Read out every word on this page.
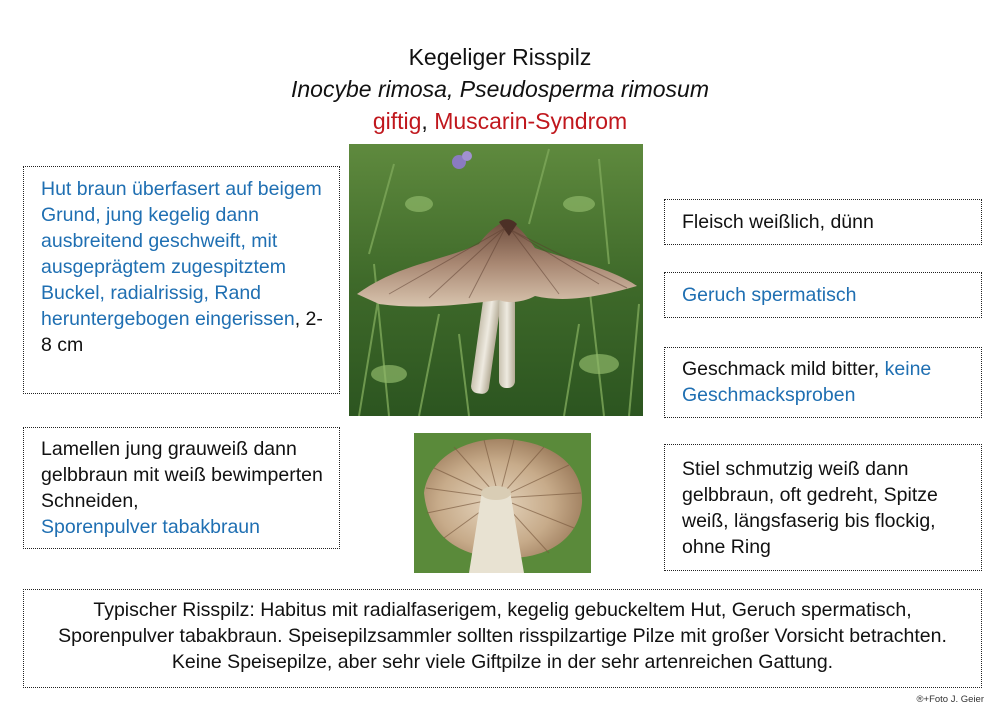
Kegeliger Risspilz
Inocybe rimosa, Pseudosperma rimosum
giftig, Muscarin-Syndrom
Hut braun überfasert auf beigem Grund, jung kegelig dann ausbreitend geschweift, mit ausgeprägtem zugespitztem Buckel, radialrissig, Rand heruntergebogen eingerissen, 2-8 cm
Lamellen jung grauweiß dann gelbbraun mit weiß bewimperten Schneiden,
Sporenpulver tabakbraun
Fleisch weißlich, dünn
Geruch spermatisch
Geschmack mild bitter, keine Geschmacksproben
Stiel schmutzig weiß dann gelbbraun, oft gedreht, Spitze weiß, längsfaserig bis flockig, ohne Ring
Typischer Risspilz: Habitus mit radialfaserigem, kegelig gebuckeltem Hut, Geruch spermatisch, Sporenpulver tabakbraun. Speisepilzsammler sollten risspilzartige Pilze mit großer Vorsicht betrachten. Keine Speisepilze, aber sehr viele Giftpilze in der sehr artenreichen Gattung.
®+Foto J. Geier
